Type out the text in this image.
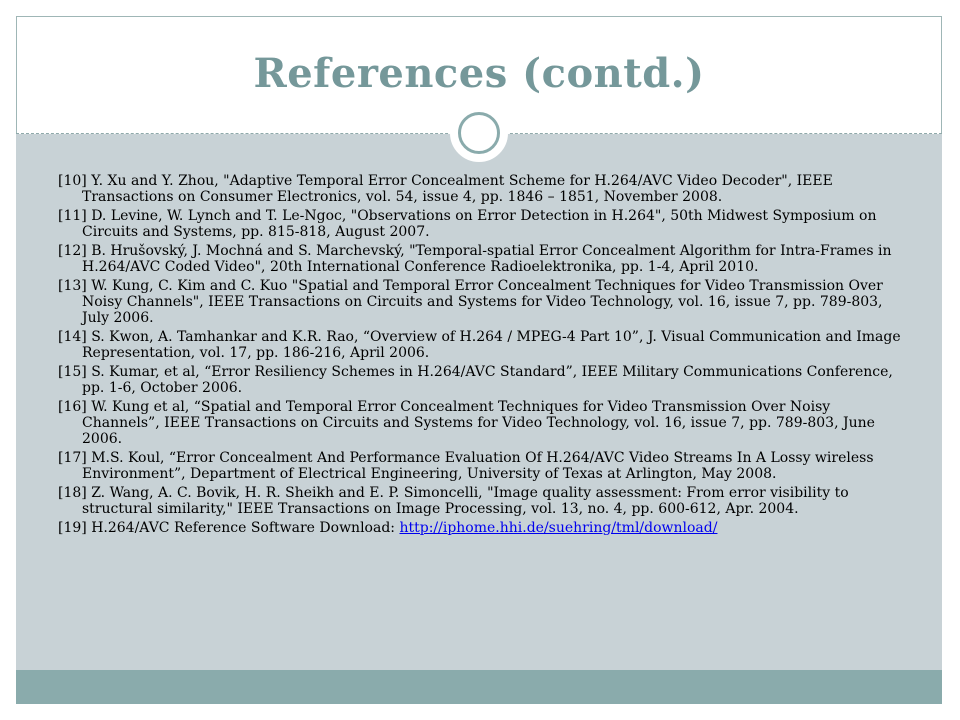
References (contd.)

[10] Y. Xu and Y. Zhou, "Adaptive Temporal Error Concealment Scheme for H.264/AVC Video Decoder", IEEE Transactions on Consumer Electronics, vol. 54, issue 4, pp. 1846 – 1851, November 2008.

[11] D. Levine, W. Lynch and T. Le-Ngoc, "Observations on Error Detection in H.264", 50th Midwest Symposium on Circuits and Systems, pp. 815-818, August 2007.

[12] B. Hrušovský, J. Mochná and S. Marchevský, "Temporal-spatial Error Concealment Algorithm for Intra-Frames in H.264/AVC Coded Video", 20th International Conference Radioelektronika, pp. 1-4, April 2010.

[13] W. Kung, C. Kim and C. Kuo "Spatial and Temporal Error Concealment Techniques for Video Transmission Over Noisy Channels", IEEE Transactions on Circuits and Systems for Video Technology, vol. 16, issue 7, pp. 789-803, July 2006.

[14] S. Kwon, A. Tamhankar and K.R. Rao, “Overview of H.264 / MPEG-4 Part 10”, J. Visual Communication and Image Representation, vol. 17, pp. 186-216, April 2006.

[15] S. Kumar, et al, “Error Resiliency Schemes in H.264/AVC Standard”, IEEE Military Communications Conference, pp. 1-6, October 2006.

[16] W. Kung et al, “Spatial and Temporal Error Concealment Techniques for Video Transmission Over Noisy Channels”, IEEE Transactions on Circuits and Systems for Video Technology, vol. 16, issue 7, pp. 789-803, June 2006.

[17] M.S. Koul, “Error Concealment And Performance Evaluation Of H.264/AVC Video Streams In A Lossy wireless Environment”, Department of Electrical Engineering, University of Texas at Arlington, May 2008.

[18] Z. Wang, A. C. Bovik, H. R. Sheikh and E. P. Simoncelli, "Image quality assessment: From error visibility to structural similarity," IEEE Transactions on Image Processing, vol. 13, no. 4, pp. 600-612, Apr. 2004.

[19] H.264/AVC Reference Software Download: http://iphome.hhi.de/suehring/tml/download/
